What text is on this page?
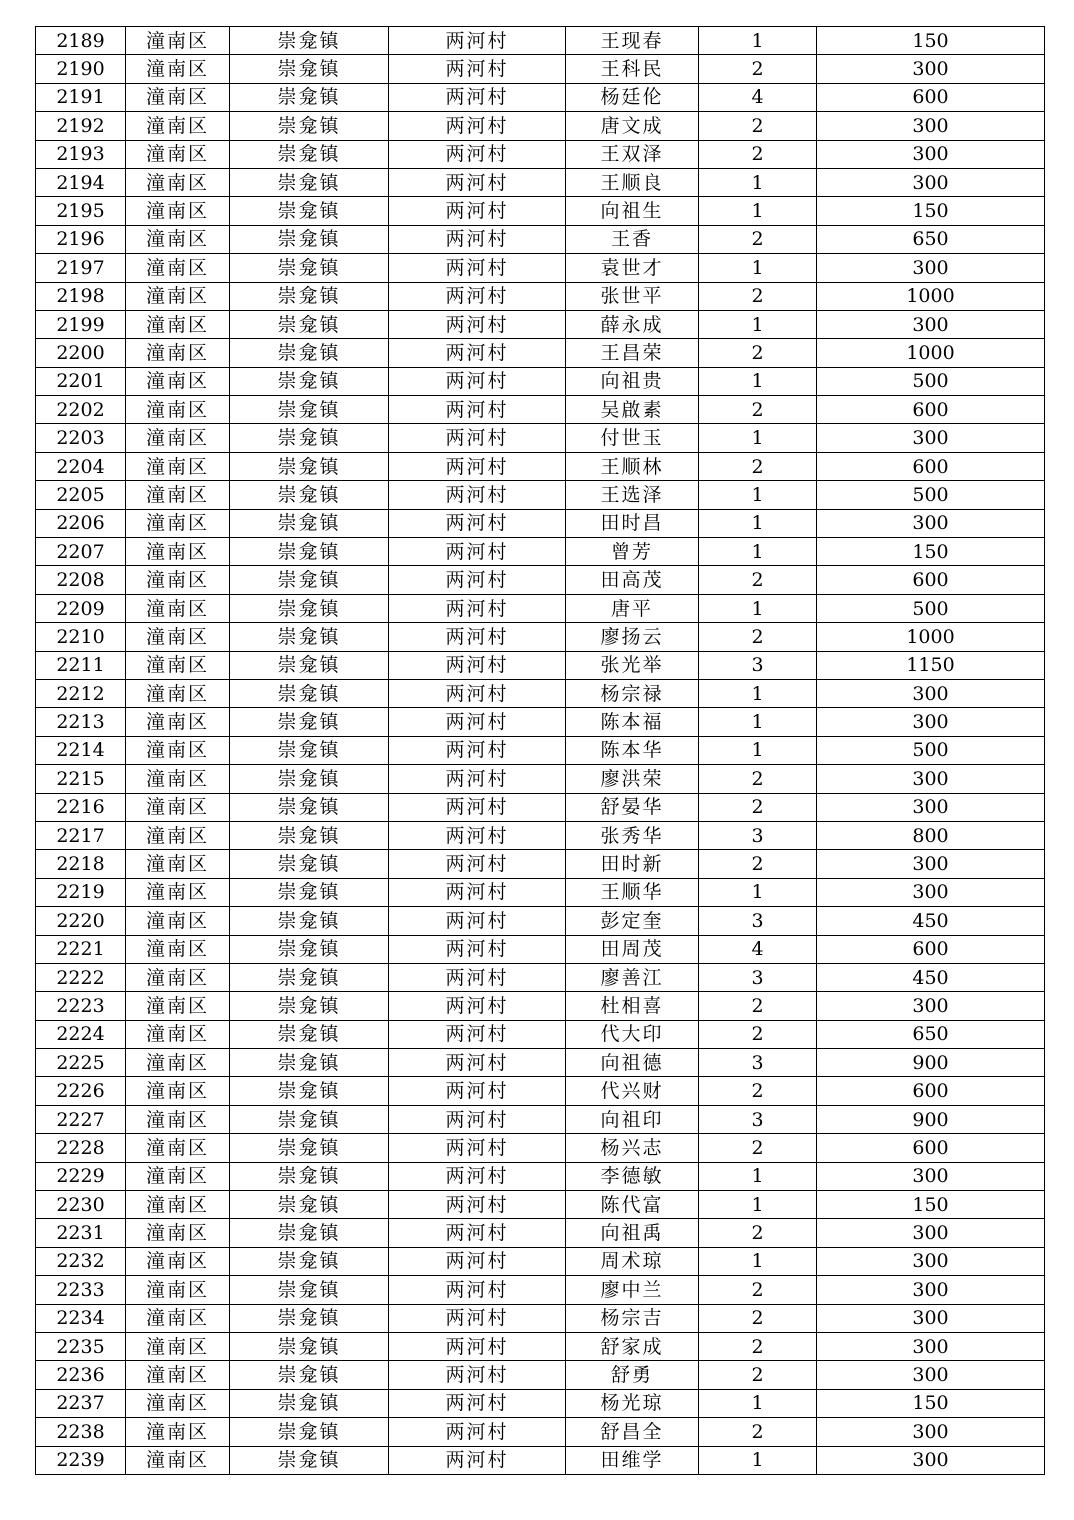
2189	潼南区	崇龛镇	两河村	王现春	1	150
2190	潼南区	崇龛镇	两河村	王科民	2	300
2191	潼南区	崇龛镇	两河村	杨廷伦	4	600
2192	潼南区	崇龛镇	两河村	唐文成	2	300
2193	潼南区	崇龛镇	两河村	王双泽	2	300
2194	潼南区	崇龛镇	两河村	王顺良	1	300
2195	潼南区	崇龛镇	两河村	向祖生	1	150
2196	潼南区	崇龛镇	两河村	王香	2	650
2197	潼南区	崇龛镇	两河村	袁世才	1	300
2198	潼南区	崇龛镇	两河村	张世平	2	1000
2199	潼南区	崇龛镇	两河村	薛永成	1	300
2200	潼南区	崇龛镇	两河村	王昌荣	2	1000
2201	潼南区	崇龛镇	两河村	向祖贵	1	500
2202	潼南区	崇龛镇	两河村	吴啟素	2	600
2203	潼南区	崇龛镇	两河村	付世玉	1	300
2204	潼南区	崇龛镇	两河村	王顺林	2	600
2205	潼南区	崇龛镇	两河村	王选泽	1	500
2206	潼南区	崇龛镇	两河村	田时昌	1	300
2207	潼南区	崇龛镇	两河村	曾芳	1	150
2208	潼南区	崇龛镇	两河村	田高茂	2	600
2209	潼南区	崇龛镇	两河村	唐平	1	500
2210	潼南区	崇龛镇	两河村	廖扬云	2	1000
2211	潼南区	崇龛镇	两河村	张光举	3	1150
2212	潼南区	崇龛镇	两河村	杨宗禄	1	300
2213	潼南区	崇龛镇	两河村	陈本福	1	300
2214	潼南区	崇龛镇	两河村	陈本华	1	500
2215	潼南区	崇龛镇	两河村	廖洪荣	2	300
2216	潼南区	崇龛镇	两河村	舒晏华	2	300
2217	潼南区	崇龛镇	两河村	张秀华	3	800
2218	潼南区	崇龛镇	两河村	田时新	2	300
2219	潼南区	崇龛镇	两河村	王顺华	1	300
2220	潼南区	崇龛镇	两河村	彭定奎	3	450
2221	潼南区	崇龛镇	两河村	田周茂	4	600
2222	潼南区	崇龛镇	两河村	廖善江	3	450
2223	潼南区	崇龛镇	两河村	杜相喜	2	300
2224	潼南区	崇龛镇	两河村	代大印	2	650
2225	潼南区	崇龛镇	两河村	向祖德	3	900
2226	潼南区	崇龛镇	两河村	代兴财	2	600
2227	潼南区	崇龛镇	两河村	向祖印	3	900
2228	潼南区	崇龛镇	两河村	杨兴志	2	600
2229	潼南区	崇龛镇	两河村	李德敏	1	300
2230	潼南区	崇龛镇	两河村	陈代富	1	150
2231	潼南区	崇龛镇	两河村	向祖禹	2	300
2232	潼南区	崇龛镇	两河村	周术琼	1	300
2233	潼南区	崇龛镇	两河村	廖中兰	2	300
2234	潼南区	崇龛镇	两河村	杨宗吉	2	300
2235	潼南区	崇龛镇	两河村	舒家成	2	300
2236	潼南区	崇龛镇	两河村	舒勇	2	300
2237	潼南区	崇龛镇	两河村	杨光琼	1	150
2238	潼南区	崇龛镇	两河村	舒昌全	2	300
2239	潼南区	崇龛镇	两河村	田维学	1	300
